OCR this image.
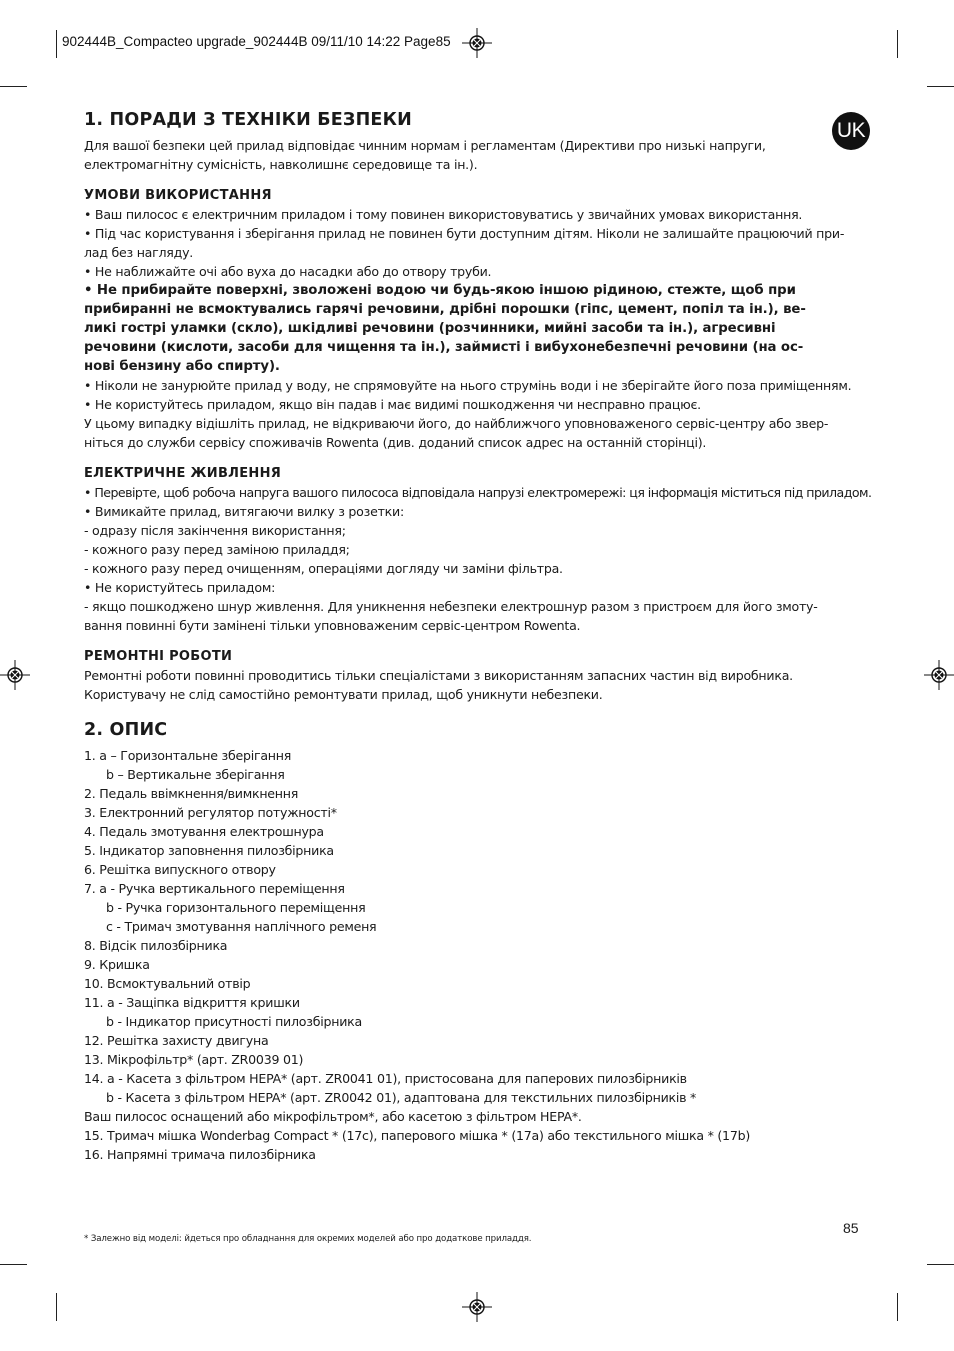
902444B_Compacteo upgrade_902444B 09/11/10 14:22 Page85
UK
1. ПОРАДИ З ТЕХНІКИ БЕЗПЕКИ

Для вашої безпеки цей прилад відповідає чинним нормам і регламентам (Директиви про низькі напруги,

електромагнітну сумісність, навколишнє середовище та ін.).

УМОВИ ВИКОРИСТАННЯ

• Ваш пилосос є електричним приладом і тому повинен використовуватись у звичайних умовах використання.

• Під час користування і зберігання прилад не повинен бути доступним дітям. Ніколи не залишайте працюючий при-

лад без нагляду.

• Не наближайте очі або вуха до насадки або до отвору труби.

• Не прибирайте поверхні, зволожені водою чи будь-якою іншою рідиною, стежте, щоб при

прибиранні не всмоктувались гарячі речовини, дрібні порошки (гіпс, цемент, попіл та ін.), ве-

ликі гострі уламки (скло), шкідливі речовини (розчинники, мийні засоби та ін.), агресивні

речовини (кислоти, засоби для чищення та ін.), займисті і вибухонебезпечні речовини (на ос-

нові бензину або спирту).

• Ніколи не занурюйте прилад у воду, не спрямовуйте на нього струмінь води і не зберігайте його поза приміщенням.

• Не користуйтесь приладом, якщо він падав і має видимі пошкодження чи несправно працює.

У цьому випадку відішліть прилад, не відкриваючи його, до найближчого уповноваженого сервіс-центру або звер-

ніться до служби сервісу споживачів Rowenta (див. доданий список адрес на останній сторінці).

ЕЛЕКТРИЧНЕ ЖИВЛЕННЯ

• Перевірте, щоб робоча напруга вашого пилососа відповідала напрузі електромережі: ця інформація міститься під приладом.

• Вимикайте прилад, витягаючи вилку з розетки:

- одразу після закінчення використання;

- кожного разу перед заміною приладдя;

- кожного разу перед очищенням, операціями догляду чи заміни фільтра.

• Не користуйтесь приладом:

- якщо пошкоджено шнур живлення. Для уникнення небезпеки електрошнур разом з пристроєм для його змоту-

вання повинні бути замінені тільки уповноваженим сервіс-центром Rowenta.

РЕМОНТНІ РОБОТИ

Ремонтні роботи повинні проводитись тільки спеціалістами з використанням запасних частин від виробника.

Користувачу не слід самостійно ремонтувати прилад, щоб уникнути небезпеки.

2. ОПИС

1. a – Горизонтальне зберігання

b – Вертикальне зберігання

2. Педаль ввімкнення/вимкнення

3. Електронний регулятор потужності*

4. Педаль змотування електрошнура

5. Індикатор заповнення пилозбірника

6. Решітка випускного отвору

7. a - Ручка вертикального переміщення

b - Ручка горизонтального переміщення

c - Тримач змотування наплічного ременя

8. Відсік пилозбірника

9. Кришка

10. Всмоктувальний отвір

11. a - Защіпка відкриття кришки

b - Індикатор присутності пилозбірника

12. Решітка захисту двигуна

13. Мікрофільтр* (арт. ZR0039 01)

14. a - Касета з фільтром HEPA* (арт. ZR0041 01), пристосована для паперових пилозбірників

b - Касета з фільтром HEPA* (арт. ZR0042 01), адаптована для текстильних пилозбірників *

Ваш пилосос оснащений або мікрофільтром*, або касетою з фільтром HEPA*.

15. Тримач мішка Wonderbag Compact * (17c), паперового мішка * (17a) або текстильного мішка * (17b)

16. Напрямні тримача пилозбірника

85
* Залежно від моделі: йдеться про обладнання для окремих моделей або про додаткове приладдя.
